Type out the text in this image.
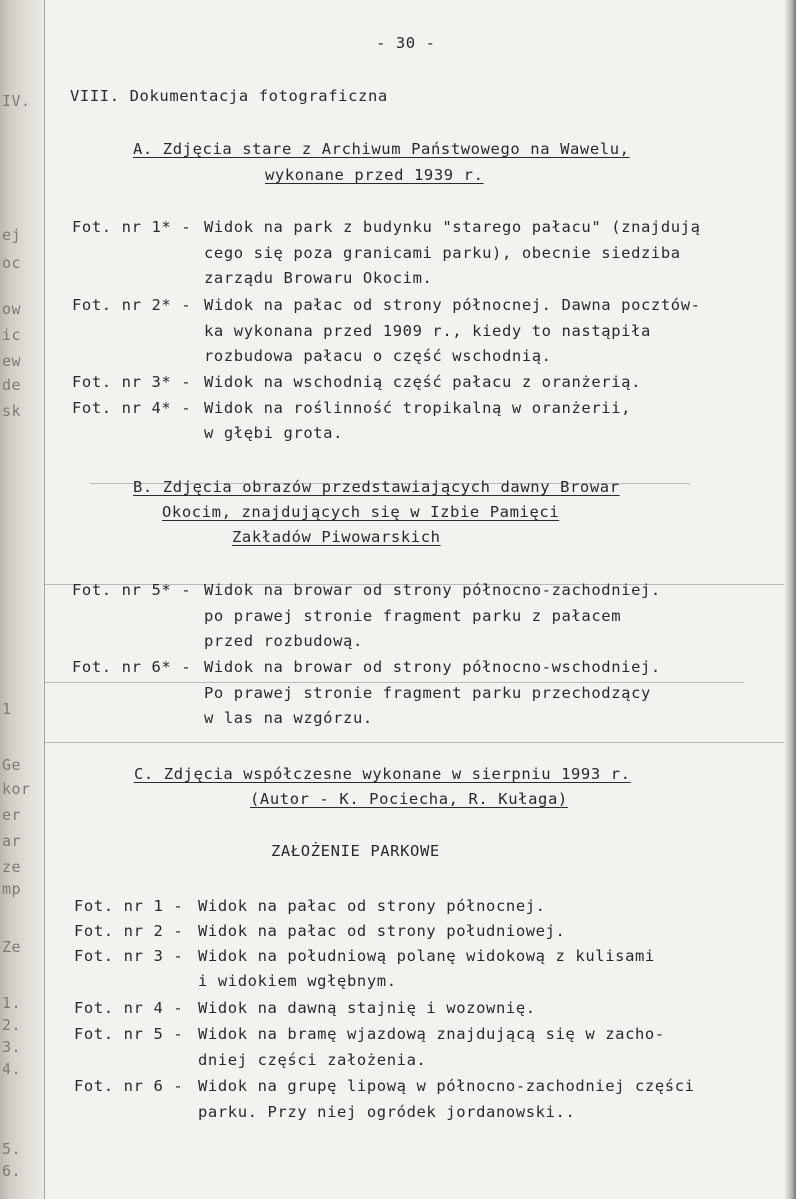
IV.
ej
oc
ow
ic
ew
de
sk
1
Ge
kor
er
ar
ze
mp
Ze
1.
2.
3.
4.
5.
6.
- 30 -
VIII. Dokumentacja fotograficzna
A. Zdjęcia stare z Archiwum Państwowego na Wawelu,
wykonane przed 1939 r.
Fot. nr 1* - Widok na park z budynku "starego pałacu" (znajdują
cego się poza granicami parku), obecnie siedziba
zarządu Browaru Okocim.
Fot. nr 2* - Widok na pałac od strony północnej. Dawna pocztów-
ka wykonana przed 1909 r., kiedy to nastąpiła
rozbudowa pałacu o część wschodnią.
Fot. nr 3* - Widok na wschodnią część pałacu z oranżerią.
Fot. nr 4* - Widok na roślinność tropikalną w oranżerii,
w głębi grota.
B. Zdjęcia obrazów przedstawiających dawny Browar
Okocim, znajdujących się w Izbie Pamięci
Zakładów Piwowarskich
Fot. nr 5* - Widok na browar od strony północno-zachodniej.
po prawej stronie fragment parku z pałacem
przed rozbudową.
Fot. nr 6* - Widok na browar od strony północno-wschodniej.
Po prawej stronie fragment parku przechodzący
w las na wzgórzu.
C. Zdjęcia współczesne wykonane w sierpniu 1993 r.
(Autor - K. Pociecha, R. Kułaga)
ZAŁOŻENIE PARKOWE
Fot. nr 1 - Widok na pałac od strony północnej.
Fot. nr 2 - Widok na pałac od strony południowej.
Fot. nr 3 - Widok na południową polanę widokową z kulisami
i widokiem wgłębnym.
Fot. nr 4 - Widok na dawną stajnię i wozownię.
Fot. nr 5 - Widok na bramę wjazdową znajdującą się w zacho-
dniej części założenia.
Fot. nr 6 - Widok na grupę lipową w północno-zachodniej części
parku. Przy niej ogródek jordanowski..
